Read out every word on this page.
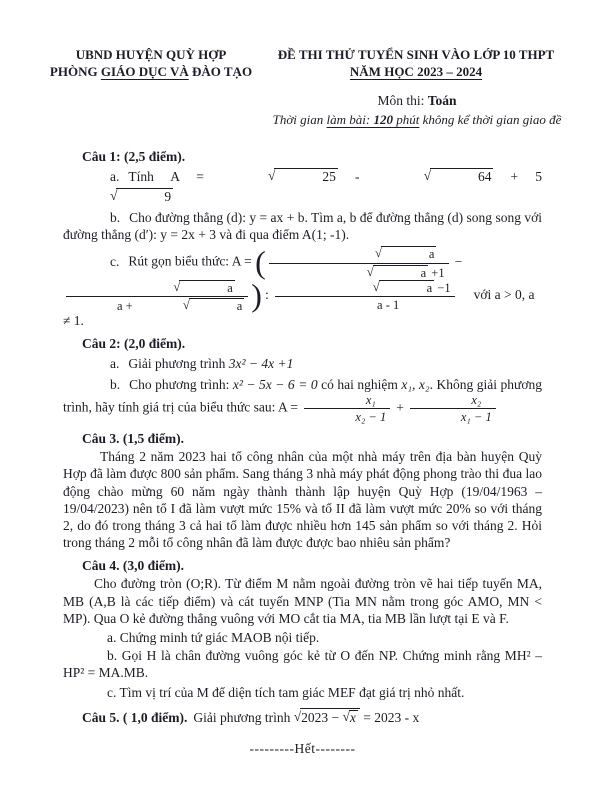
UBND HUYỆN QUỲ HỢP
PHÒNG GIÁO DỤC VÀ ĐÀO TẠO
ĐỀ THI THỬ TUYỂN SINH VÀO LỚP 10 THPT
NĂM HỌC 2023 – 2024
Môn thi: Toán
Thời gian làm bài: 120 phút không kể thời gian giao đề
Câu 1: (2,5 điểm).
a. Tính A =	√	25 -	√	64 + 5√	9

b. Cho đường thẳng (d): y = ax + b. Tìm a, b để đường thẳng (d) song song với đường thẳng (d′): y = 2x + 3 và đi qua điểm A(1; -1).

c. Rút gọn biểu thức: A = ( √	a
√	a +1 −
√	a
a +	√	a ) : √	a −1
a - 1 với a > 0, a ≠ 1.
Câu 2: (2,0 điểm).
a. Giải phương trình 3x² − 4x +1

b. Cho phương trình: x² − 5x − 6 = 0 có hai nghiệm x₁, x₂. Không giải phương trình, hãy tính giá trị của biểu thức sau: $A = \frac{\text{x₁}}{\text{x₂ − 1}} + \frac{\text{x₂}}{\text{x₁ − 1}}$

Câu 3. (1,5 điểm).

Tháng 2 năm 2023 hai tổ công nhân của một nhà máy trên địa bàn huyện Quỳ Hợp đã làm được 800 sản phẩm. Sang tháng 3 nhà máy phát động phong trào thi đua lao động chào mừng 60 năm ngày thành thành lập huyện Quỳ Hợp (19/04/1963 – 19/04/2023) nên tổ I đã làm vượt mức 15% và tổ II đã làm vượt mức 20% so với tháng 2, do đó trong tháng 3 cả hai tổ làm được nhiều hơn 145 sản phẩm so với tháng 2. Hỏi trong tháng 2 mỗi tổ công nhân đã làm được được bao nhiêu sản phẩm?

Câu 4. (3,0 điểm).

Cho đường tròn (O;R). Từ điểm M nằm ngoài đường tròn vẽ hai tiếp tuyến MA, MB (A,B là các tiếp điểm) và cát tuyến MNP (Tia MN nằm trong góc AMO, MN < MP). Qua O kẻ đường thẳng vuông với MO cắt tia MA, tia MB lần lượt tại E và F.

a. Chứng minh tứ giác MAOB nội tiếp.

b. Gọi H là chân đường vuông góc kẻ từ O đến NP. Chứng minh rằng MH² – HP² = MA.MB.

c. Tìm vị trí của M để diện tích tam giác MEF đạt giá trị nhỏ nhất.
Câu 5. ( 1,0 điểm). Giải phương trình √2023 − √x = 2023 - x
---------Hết--------
